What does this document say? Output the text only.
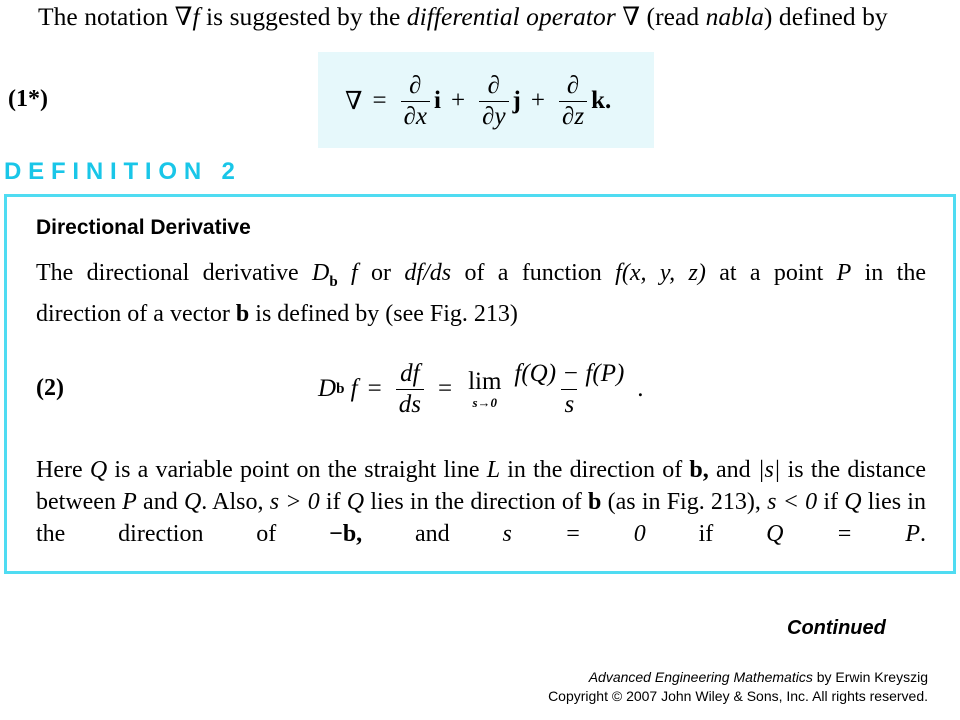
The notation ∇f is suggested by the differential operator ∇ (read nabla) defined by
(1*)	∇ = $\frac{\partial}{\partial x}$ $i + \frac{\partial}{\partial y}$ $j + \frac{\partial}{\partial z} k$.
DEFINITION 2
Directional Derivative
The directional derivative $D_b$ f or df/ds of a function f(x, y, z) at a point P in the
direction of a vector b is defined by (see Fig. 213)
(2)	D b
$f = \frac{df}{ds} = \lim$
$s\to 0 \frac{f(Q) - f(P)}{s}$ .
Here Q is a variable point on the straight line L in the direction of b, and |s| is the distance between P and Q. Also, s > 0 if Q lies in the direction of b (as in Fig. 213), s < 0 if Q lies in the direction of −b, and s = 0 if Q = P.
Continued
Advanced Engineering Mathematics by Erwin Kreyszig
Copyright © 2007 John Wiley & Sons, Inc. All rights reserved.
